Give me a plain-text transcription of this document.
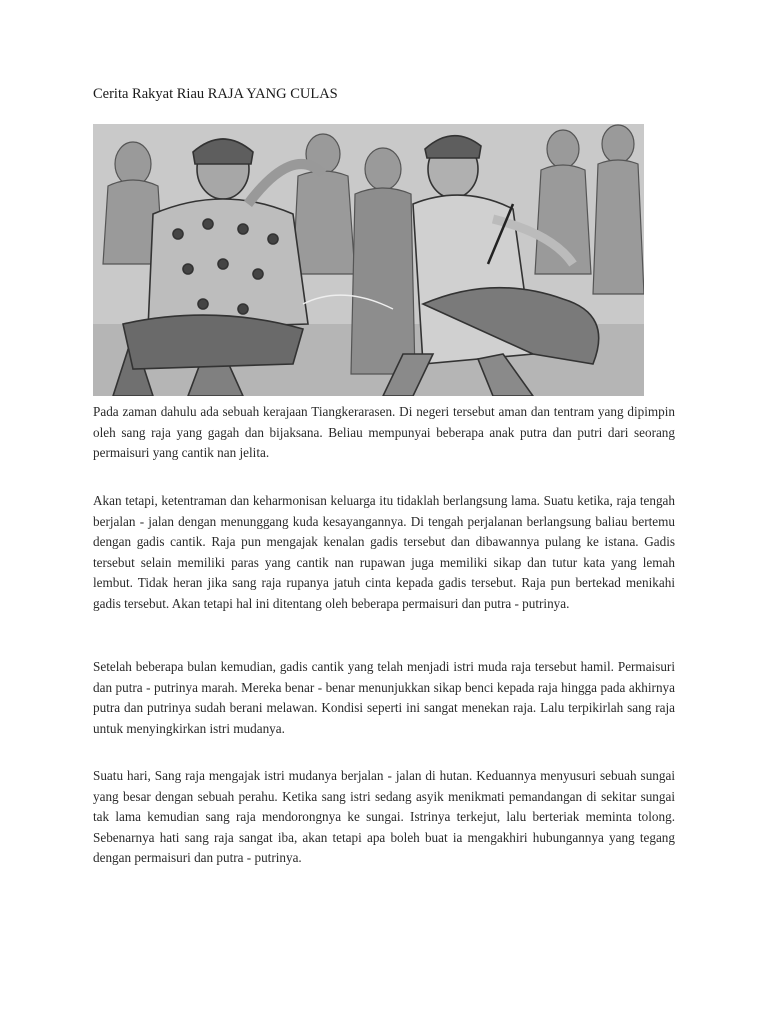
Cerita Rakyat Riau RAJA YANG CULAS

Pada zaman dahulu ada sebuah kerajaan Tiangkerarasen. Di negeri tersebut aman dan tentram yang dipimpin oleh sang raja yang gagah dan bijaksana. Beliau mempunyai beberapa anak putra dan putri dari seorang permaisuri yang cantik nan jelita.

Akan tetapi, ketentraman dan keharmonisan keluarga itu tidaklah berlangsung lama. Suatu ketika, raja tengah berjalan - jalan dengan menunggang kuda kesayangannya. Di tengah perjalanan berlangsung baliau bertemu dengan gadis cantik. Raja pun mengajak kenalan gadis tersebut dan dibawannya pulang ke istana. Gadis tersebut selain memiliki paras yang cantik nan rupawan juga memiliki sikap dan tutur kata yang lemah lembut. Tidak heran jika sang raja rupanya jatuh cinta kepada gadis tersebut. Raja pun bertekad menikahi gadis tersebut. Akan tetapi hal ini ditentang oleh beberapa permaisuri dan putra - putrinya.

Setelah beberapa bulan kemudian, gadis cantik yang telah menjadi istri muda raja tersebut hamil. Permaisuri dan putra - putrinya marah. Mereka benar - benar menunjukkan sikap benci kepada raja hingga pada akhirnya putra dan putrinya sudah berani melawan. Kondisi seperti ini sangat menekan raja. Lalu terpikirlah sang raja untuk menyingkirkan istri mudanya.

Suatu hari, Sang raja mengajak istri mudanya berjalan - jalan di hutan. Keduannya menyusuri sebuah sungai yang besar dengan sebuah perahu. Ketika sang istri sedang asyik menikmati pemandangan di sekitar sungai tak lama kemudian sang raja mendorongnya ke sungai. Istrinya terkejut, lalu berteriak meminta tolong. Sebenarnya hati sang raja sangat iba, akan tetapi apa boleh buat ia mengakhiri hubungannya yang tegang dengan permaisuri dan putra - putrinya.
